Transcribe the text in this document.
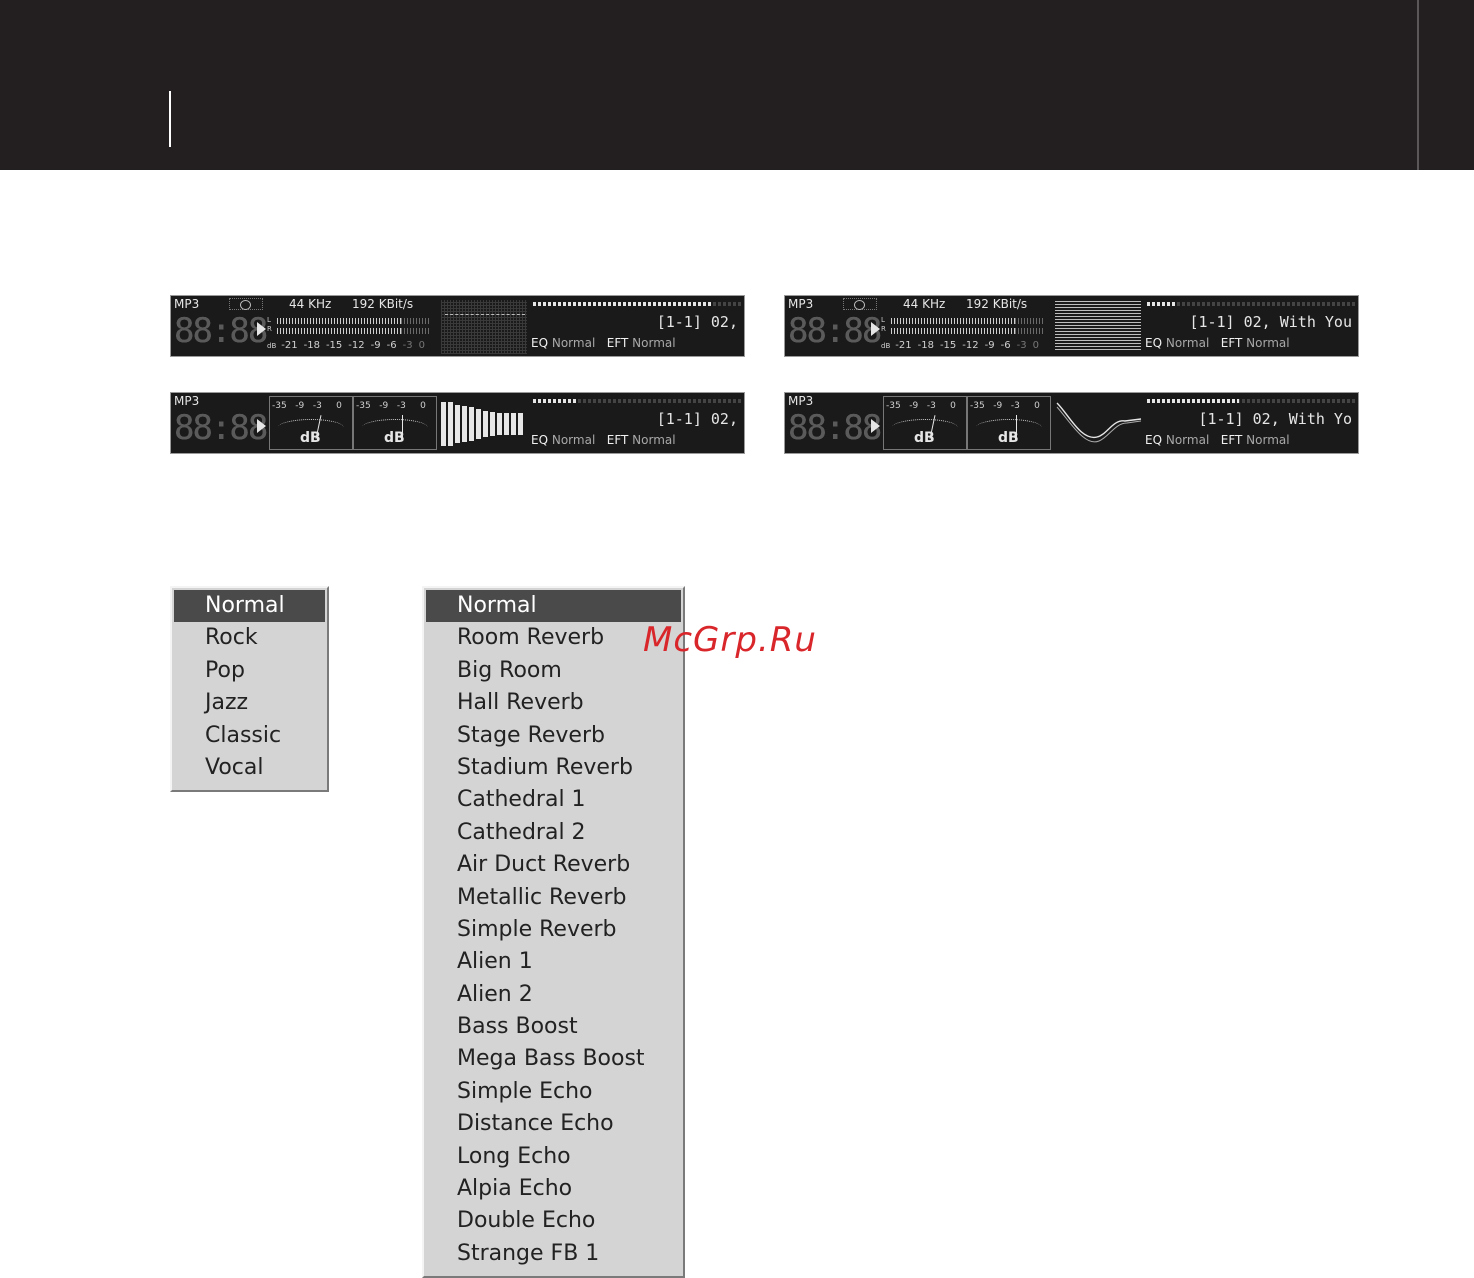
MP3	44 KHz 192 KBit/s
88:88 L
R
dB -21 -18 -15 -12 -9 -6 -3 0
[1-1] 02,
EQ Normal EFT Normal
MP3	44 KHz 192 KBit/s
88:88 L
R
dB -21 -18 -15 -12 -9 -6 -3 0
[1-1] 02, With You
EQ Normal EFT Normal
MP3
88:88
-35 -9 -3 0
dB
-35 -9 -3 0
dB
[1-1] 02,
EQ Normal EFT Normal
MP3
88:88
-35 -9 -3 0
dB
-35 -9 -3 0
dB
[1-1] 02, With Yo
EQ Normal EFT Normal
Normal
Rock
Pop
Jazz
Classic
Vocal
Normal
Room Reverb
Big Room
Hall Reverb
Stage Reverb
Stadium Reverb
Cathedral 1
Cathedral 2
Air Duct Reverb
Metallic Reverb
Simple Reverb
Alien 1
Alien 2
Bass Boost
Mega Bass Boost
Simple Echo
Distance Echo
Long Echo
Alpia Echo
Double Echo
Strange FB 1
McGrp.Ru
